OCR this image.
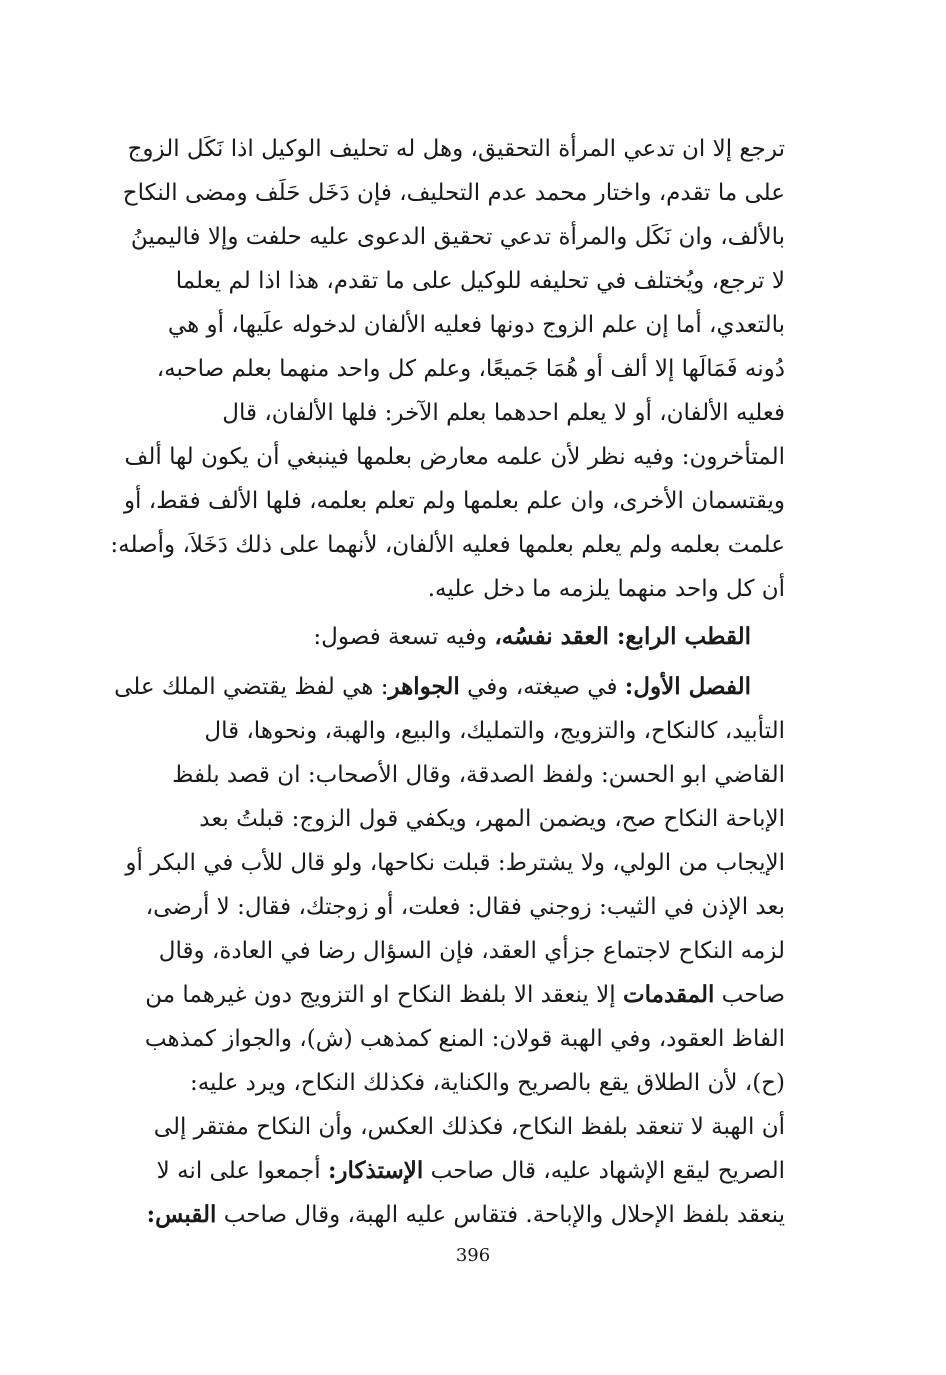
ترجع إلا ان تدعي المرأة التحقيق، وهل له تحليف الوكيل اذا نَكَل الزوج
على ما تقدم، واختار محمد عدم التحليف، فإن دَخَل حَلَف ومضى النكاح
بالألف، وان نَكَل والمرأة تدعي تحقيق الدعوى عليه حلفت وإلا فاليمينُ
لا ترجع، ويُختلف في تحليفه للوكيل على ما تقدم، هذا اذا لم يعلما
بالتعدي، أما إن علم الزوج دونها فعليه الألفان لدخوله علَيها، أو هي
دُونه فَمَالَها إلا ألف أو هُمَا جَميعًا، وعلم كل واحد منهما بعلم صاحبه،
فعليه الألفان، أو لا يعلم احدهما بعلم الآخر: فلها الألفان، قال
المتأخرون: وفيه نظر لأن علمه معارض بعلمها فينبغي أن يكون لها ألف
ويقتسمان الأخرى، وان علم بعلمها ولم تعلم بعلمه، فلها الألف فقط، أو
علمت بعلمه ولم يعلم بعلمها فعليه الألفان، لأنهما على ذلك دَخَلاَ، وأصله:
أن كل واحد منهما يلزمه ما دخل عليه.
القطب الرابع: العقد نفسُه، وفيه تسعة فصول:
الفصل الأول: في صيغته، وفي الجواهر: هي لفظ يقتضي الملك على
التأبيد، كالنكاح، والتزويج، والتمليك، والبيع، والهبة، ونحوها، قال
القاضي ابو الحسن: ولفظ الصدقة، وقال الأصحاب: ان قصد بلفظ
الإباحة النكاح صح، ويضمن المهر، ويكفي قول الزوج: قبلتُ بعد
الإيجاب من الولي، ولا يشترط: قبلت نكاحها، ولو قال للأب في البكر أو
بعد الإذن في الثيب: زوجني فقال: فعلت، أو زوجتك، فقال: لا أرضى،
لزمه النكاح لاجتماع جزأي العقد، فإن السؤال رضا في العادة، وقال
صاحب المقدمات إلا ينعقد الا بلفظ النكاح او التزويج دون غيرهما من
الفاظ العقود، وفي الهبة قولان: المنع كمذهب (ش)، والجواز كمذهب
(ح)، لأن الطلاق يقع بالصريح والكناية، فكذلك النكاح، ويرد عليه:
أن الهبة لا تنعقد بلفظ النكاح، فكذلك العكس، وأن النكاح مفتقر إلى
الصريح ليقع الإشهاد عليه، قال صاحب الإستذكار: أجمعوا على انه لا
ينعقد بلفظ الإحلال والإباحة. فتقاس عليه الهبة، وقال صاحب القبس:
396
